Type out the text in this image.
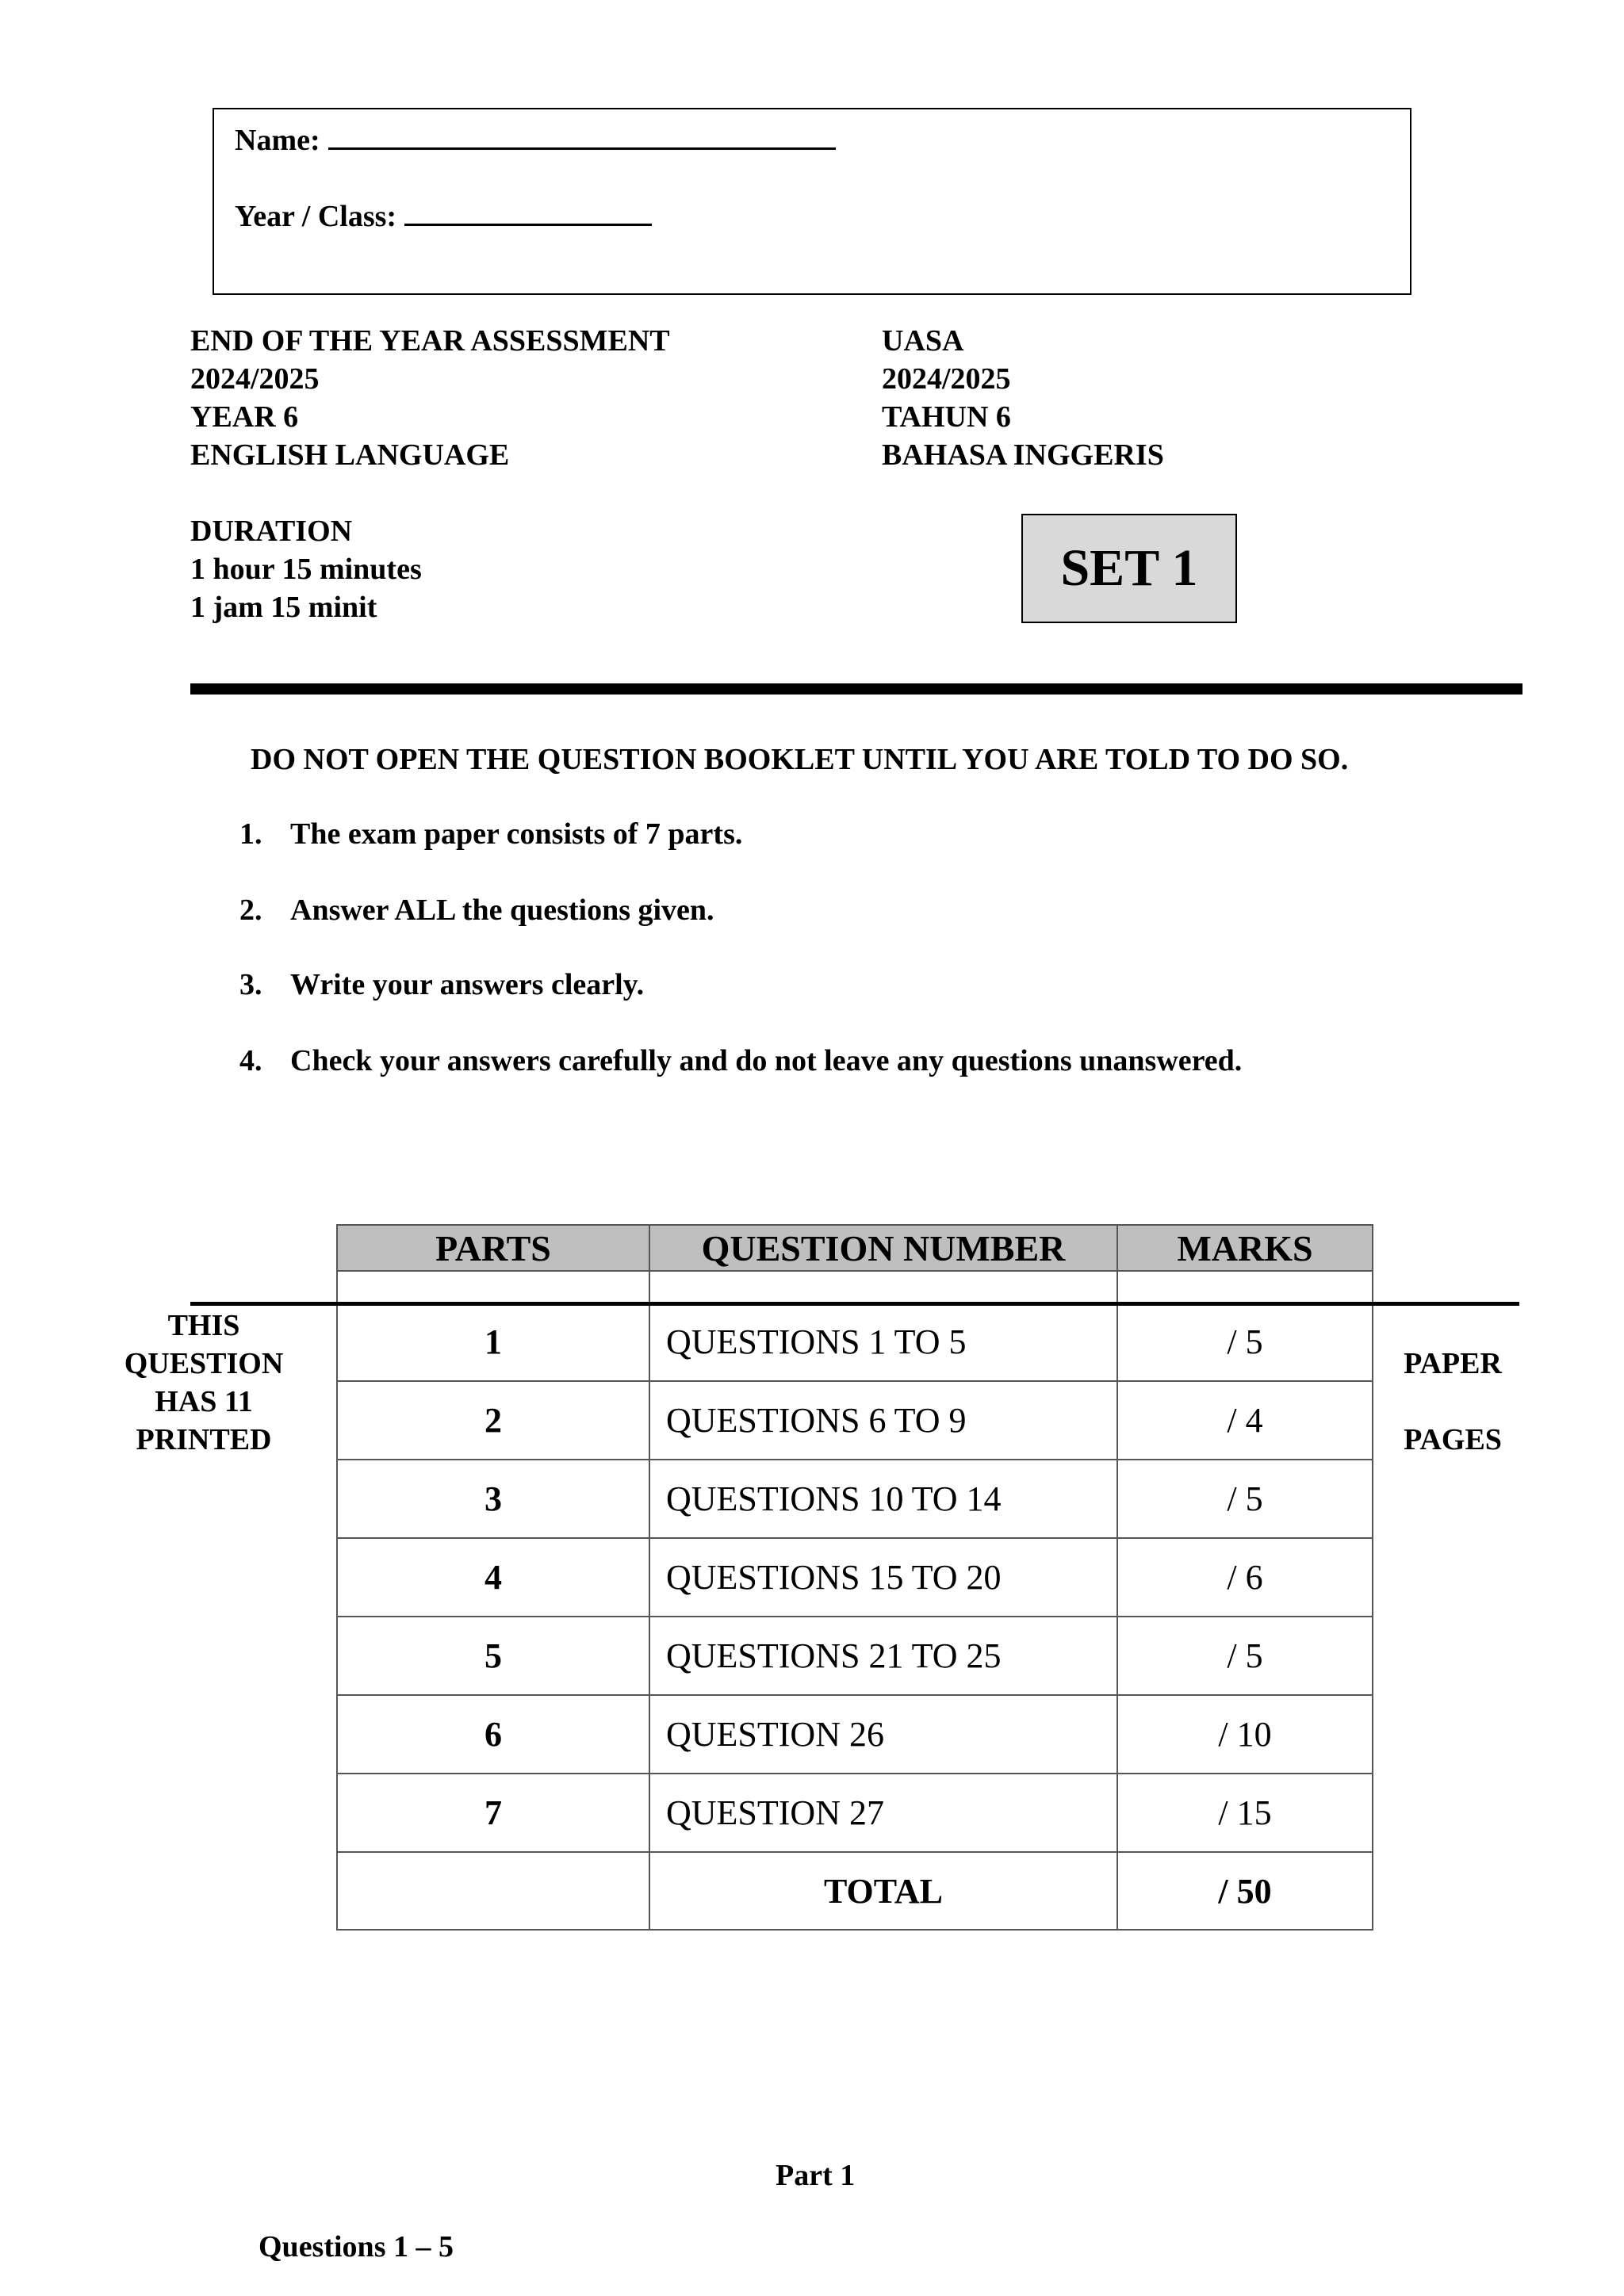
Name:
Year / Class:
END OF THE YEAR ASSESSMENT
2024/2025
YEAR 6
ENGLISH LANGUAGE
DURATION
1 hour 15 minutes
1 jam 15 minit
UASA
2024/2025
TAHUN 6
BAHASA INGGERIS
SET 1
DO NOT OPEN THE QUESTION BOOKLET UNTIL YOU ARE TOLD TO DO SO.
1. The exam paper consists of 7 parts.
2. Answer ALL the questions given.
3. Write your answers clearly.
4. Check your answers carefully and do not leave any questions unanswered.
PARTS	QUESTION NUMBER	MARKS

1	QUESTIONS 1 TO 5	/ 5
2	QUESTIONS 6 TO 9	/ 4
3	QUESTIONS 10 TO 14	/ 5
4	QUESTIONS 15 TO 20	/ 6
5	QUESTIONS 21 TO 25	/ 5
6	QUESTION 26	/ 10
7	QUESTION 27	/ 15
	TOTAL	/ 50
THIS
QUESTION
HAS 11
PRINTED
PAPER
PAGES
Part 1
Questions 1 – 5
